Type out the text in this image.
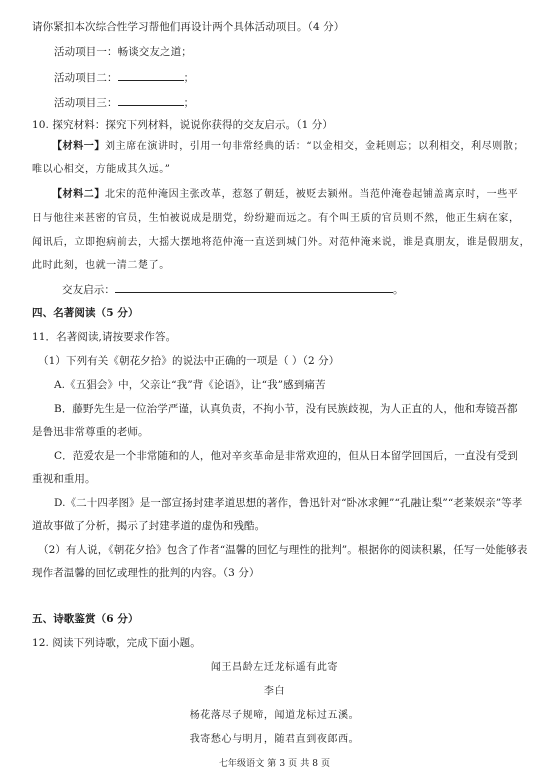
请你紧扣本次综合性学习帮他们再设计两个具体活动项目。（4 分）
活动项目一：畅谈交友之道；
活动项目二：	；
活动项目三：	；
10. 探究材料：探究下列材料，说说你获得的交友启示。（1 分）
【材料一】刘主席在演讲时，引用一句非常经典的话：“以金相交，金耗则忘；以利相交，利尽则散；
唯以心相交，方能成其久远。”
【材料二】北宋的范仲淹因主张改革，惹怒了朝廷，被贬去颍州。当范仲淹卷起铺盖离京时，一些平
日与他往来甚密的官员，生怕被说成是朋党，纷纷避而远之。有个叫王质的官员则不然，他正生病在家，
闻讯后，立即抱病前去，大摇大摆地将范仲淹一直送到城门外。对范仲淹来说，谁是真朋友，谁是假朋友，
此时此刻，也就一清二楚了。
交友启示：	。
四、名著阅读（5 分）
11．名著阅读,请按要求作答。
（1）下列有关《朝花夕拾》的说法中正确的一项是（ ）（2 分）
A.《五猖会》中，父亲让“我”背《论语》，让“我”感到痛苦
B．藤野先生是一位治学严谨，认真负责，不拘小节，没有民族歧视，为人正直的人，他和寿镜吾都
是鲁迅非常尊重的老师。
C．范爱农是一个非常随和的人，他对辛亥革命是非常欢迎的，但从日本留学回国后，一直没有受到
重视和重用。
D.《二十四孝图》是一部宣扬封建孝道思想的著作，鲁迅针对“卧冰求鲤”“孔融让梨”“老莱娱亲”等孝
道故事做了分析，揭示了封建孝道的虚伪和残酷。
（2）有人说，《朝花夕拾》包含了作者“温馨的回忆与理性的批判”。根据你的阅读积累，任写一处能够表
现作者温馨的回忆或理性的批判的内容。（3 分）
五、诗歌鉴赏（6 分）
12. 阅读下列诗歌，完成下面小题。
闻王昌龄左迁龙标遥有此寄
李白
杨花落尽子规啼，闻道龙标过五溪。
我寄愁心与明月，随君直到夜郎西。
七年级语文 第 3 页 共 8 页
